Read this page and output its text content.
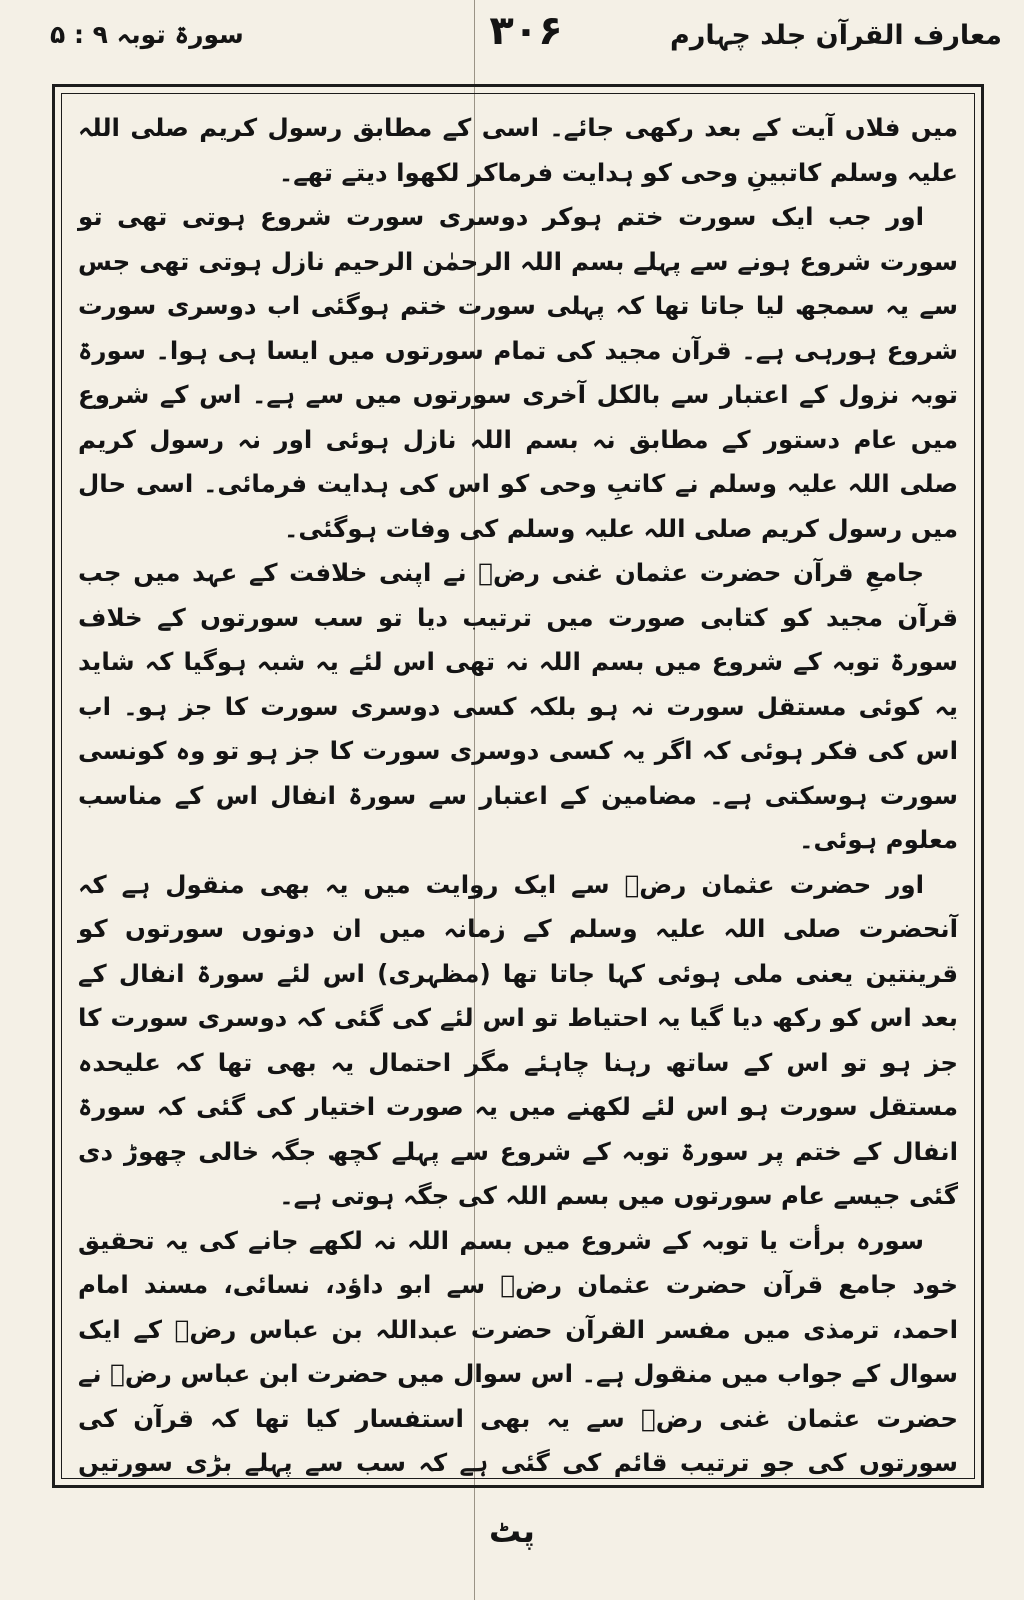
معارف القرآن جلد چہارم
۳۰۶
سورۃ توبہ ۹ : ۵

میں فلاں آیت کے بعد رکھی جائے۔ اسی کے مطابق رسول کریم صلی اللہ علیہ وسلم کاتبینِ وحی کو ہدایت فرماکر لکھوا دیتے تھے۔

اور جب ایک سورت ختم ہوکر دوسری سورت شروع ہوتی تھی تو سورت شروع ہونے سے پہلے بسم اللہ الرحمٰن الرحیم نازل ہوتی تھی جس سے یہ سمجھ لیا جاتا تھا کہ پہلی سورت ختم ہوگئی اب دوسری سورت شروع ہورہی ہے۔ قرآن مجید کی تمام سورتوں میں ایسا ہی ہوا۔ سورۃ توبہ نزول کے اعتبار سے بالکل آخری سورتوں میں سے ہے۔ اس کے شروع میں عام دستور کے مطابق نہ بسم اللہ نازل ہوئی اور نہ رسول کریم صلی اللہ علیہ وسلم نے کاتبِ وحی کو اس کی ہدایت فرمائی۔ اسی حال میں رسول کریم صلی اللہ علیہ وسلم کی وفات ہوگئی۔

جامعِ قرآن حضرت عثمان غنی رضؓ نے اپنی خلافت کے عہد میں جب قرآن مجید کو کتابی صورت میں ترتیب دیا تو سب سورتوں کے خلاف سورۃ توبہ کے شروع میں بسم اللہ نہ تھی اس لئے یہ شبہ ہوگیا کہ شاید یہ کوئی مستقل سورت نہ ہو بلکہ کسی دوسری سورت کا جز ہو۔ اب اس کی فکر ہوئی کہ اگر یہ کسی دوسری سورت کا جز ہو تو وہ کونسی سورت ہوسکتی ہے۔ مضامین کے اعتبار سے سورۃ انفال اس کے مناسب معلوم ہوئی۔

اور حضرت عثمان رضؓ سے ایک روایت میں یہ بھی منقول ہے کہ آنحضرت صلی اللہ علیہ وسلم کے زمانہ میں ان دونوں سورتوں کو قرینتین یعنی ملی ہوئی کہا جاتا تھا (مظہری) اس لئے سورۃ انفال کے بعد اس کو رکھ دیا گیا یہ احتیاط تو اس لئے کی گئی کہ دوسری سورت کا جز ہو تو اس کے ساتھ رہنا چاہئے مگر احتمال یہ بھی تھا کہ علیحدہ مستقل سورت ہو اس لئے لکھنے میں یہ صورت اختیار کی گئی کہ سورۃ انفال کے ختم پر سورۃ توبہ کے شروع سے پہلے کچھ جگہ خالی چھوڑ دی گئی جیسے عام سورتوں میں بسم اللہ کی جگہ ہوتی ہے۔

سورہ برأت یا توبہ کے شروع میں بسم اللہ نہ لکھے جانے کی یہ تحقیق خود جامع قرآن حضرت عثمان رضؓ سے ابو داؤد، نسائی، مسند امام احمد، ترمذی میں مفسر القرآن حضرت عبداللہ بن عباس رضؓ کے ایک سوال کے جواب میں منقول ہے۔ اس سوال میں حضرت ابن عباس رضؓ نے حضرت عثمان غنی رضؓ سے یہ بھی استفسار کیا تھا کہ قرآن کی سورتوں کی جو ترتیب قائم کی گئی ہے کہ سب سے پہلے بڑی سورتیں

پٹ
